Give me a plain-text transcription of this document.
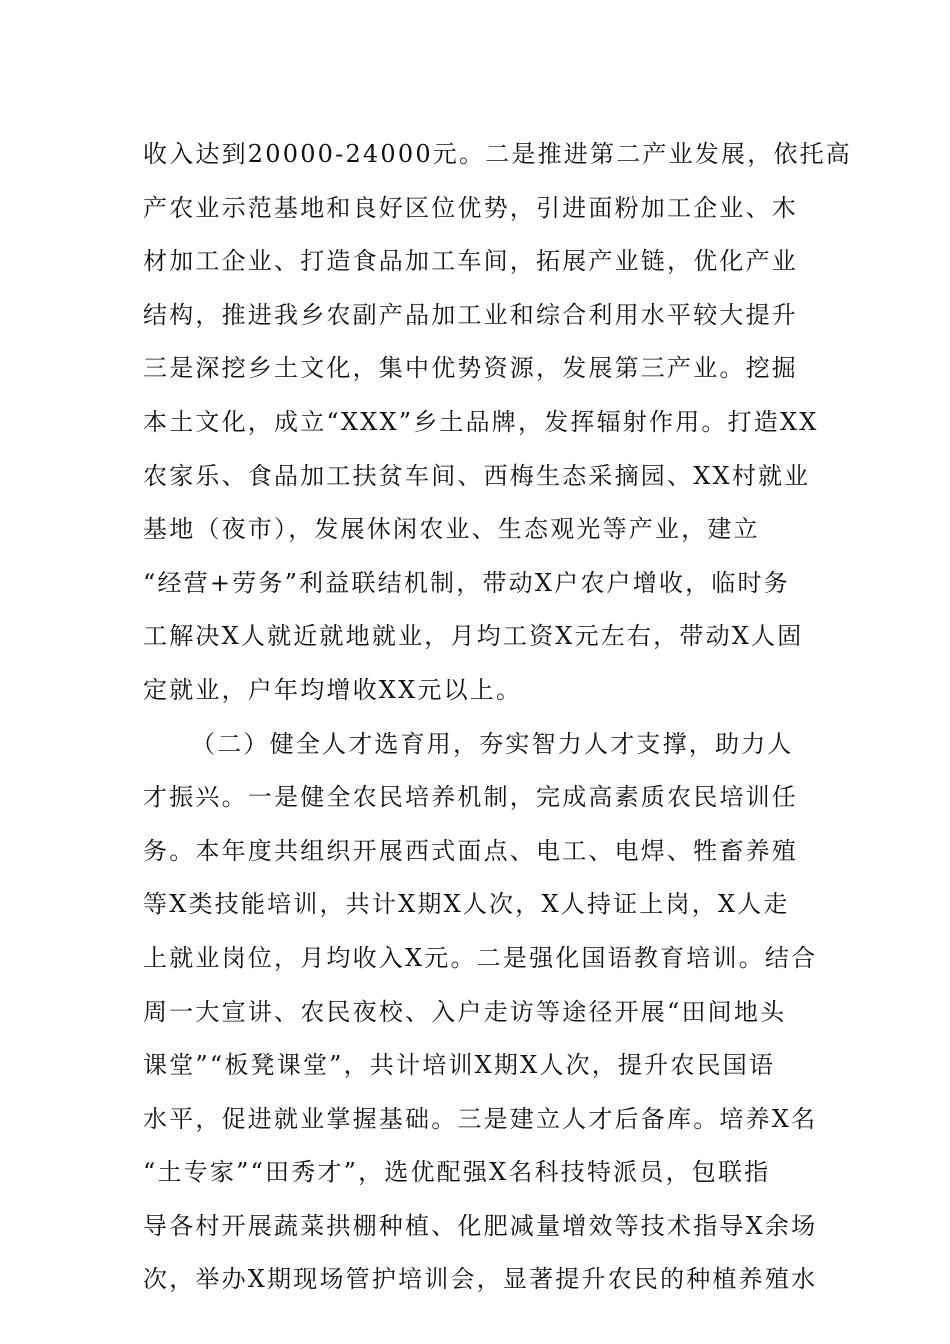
收入达到20000-24000元。二是推进第二产业发展，依托高
产农业示范基地和良好区位优势，引进面粉加工企业、木
材加工企业、打造食品加工车间，拓展产业链，优化产业
结构，推进我乡农副产品加工业和综合利用水平较大提升
三是深挖乡土文化，集中优势资源，发展第三产业。挖掘
本土文化，成立“XXX”乡土品牌，发挥辐射作用。打造XX
农家乐、食品加工扶贫车间、西梅生态采摘园、XX村就业
基地（夜市），发展休闲农业、生态观光等产业，建立
“经营+劳务”利益联结机制，带动X户农户增收，临时务
工解决X人就近就地就业，月均工资X元左右，带动X人固
定就业，户年均增收XX元以上。
（二）健全人才选育用，夯实智力人才支撑，助力人
才振兴。一是健全农民培养机制，完成高素质农民培训任
务。本年度共组织开展西式面点、电工、电焊、牲畜养殖
等X类技能培训，共计X期X人次，X人持证上岗，X人走
上就业岗位，月均收入X元。二是强化国语教育培训。结合
周一大宣讲、农民夜校、入户走访等途径开展“田间地头
课堂”“板凳课堂”，共计培训X期X人次，提升农民国语
水平，促进就业掌握基础。三是建立人才后备库。培养X名
“土专家”“田秀才”，选优配强X名科技特派员，包联指
导各村开展蔬菜拱棚种植、化肥减量增效等技术指导X余场
次，举办X期现场管护培训会，显著提升农民的种植养殖水
